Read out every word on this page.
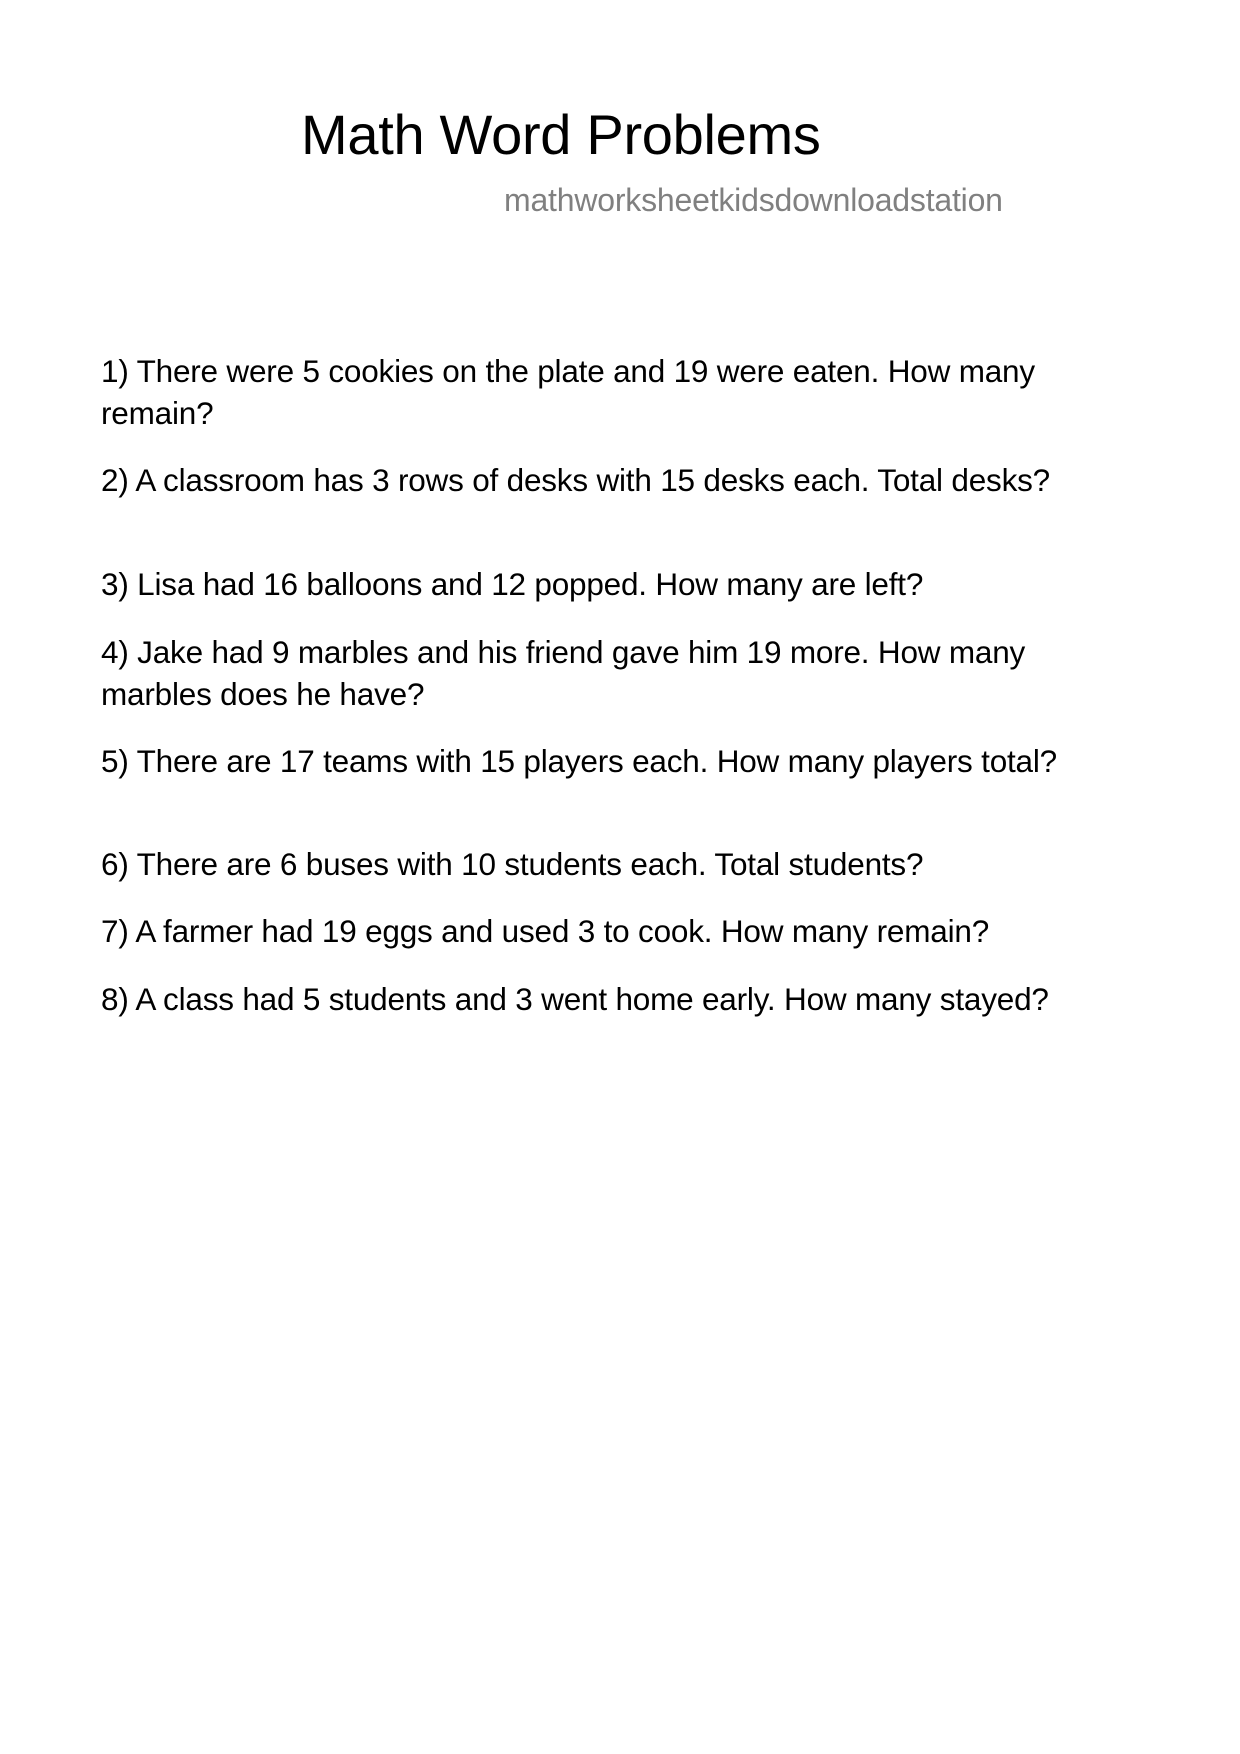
Math Word Problems
mathworksheetkidsdownloadstation
1) There were 5 cookies on the plate and 19 were eaten. How many remain?
2) A classroom has 3 rows of desks with 15 desks each. Total desks?
3) Lisa had 16 balloons and 12 popped. How many are left?
4) Jake had 9 marbles and his friend gave him 19 more. How many marbles does he have?
5) There are 17 teams with 15 players each. How many players total?
6) There are 6 buses with 10 students each. Total students?
7) A farmer had 19 eggs and used 3 to cook. How many remain?
8) A class had 5 students and 3 went home early. How many stayed?
